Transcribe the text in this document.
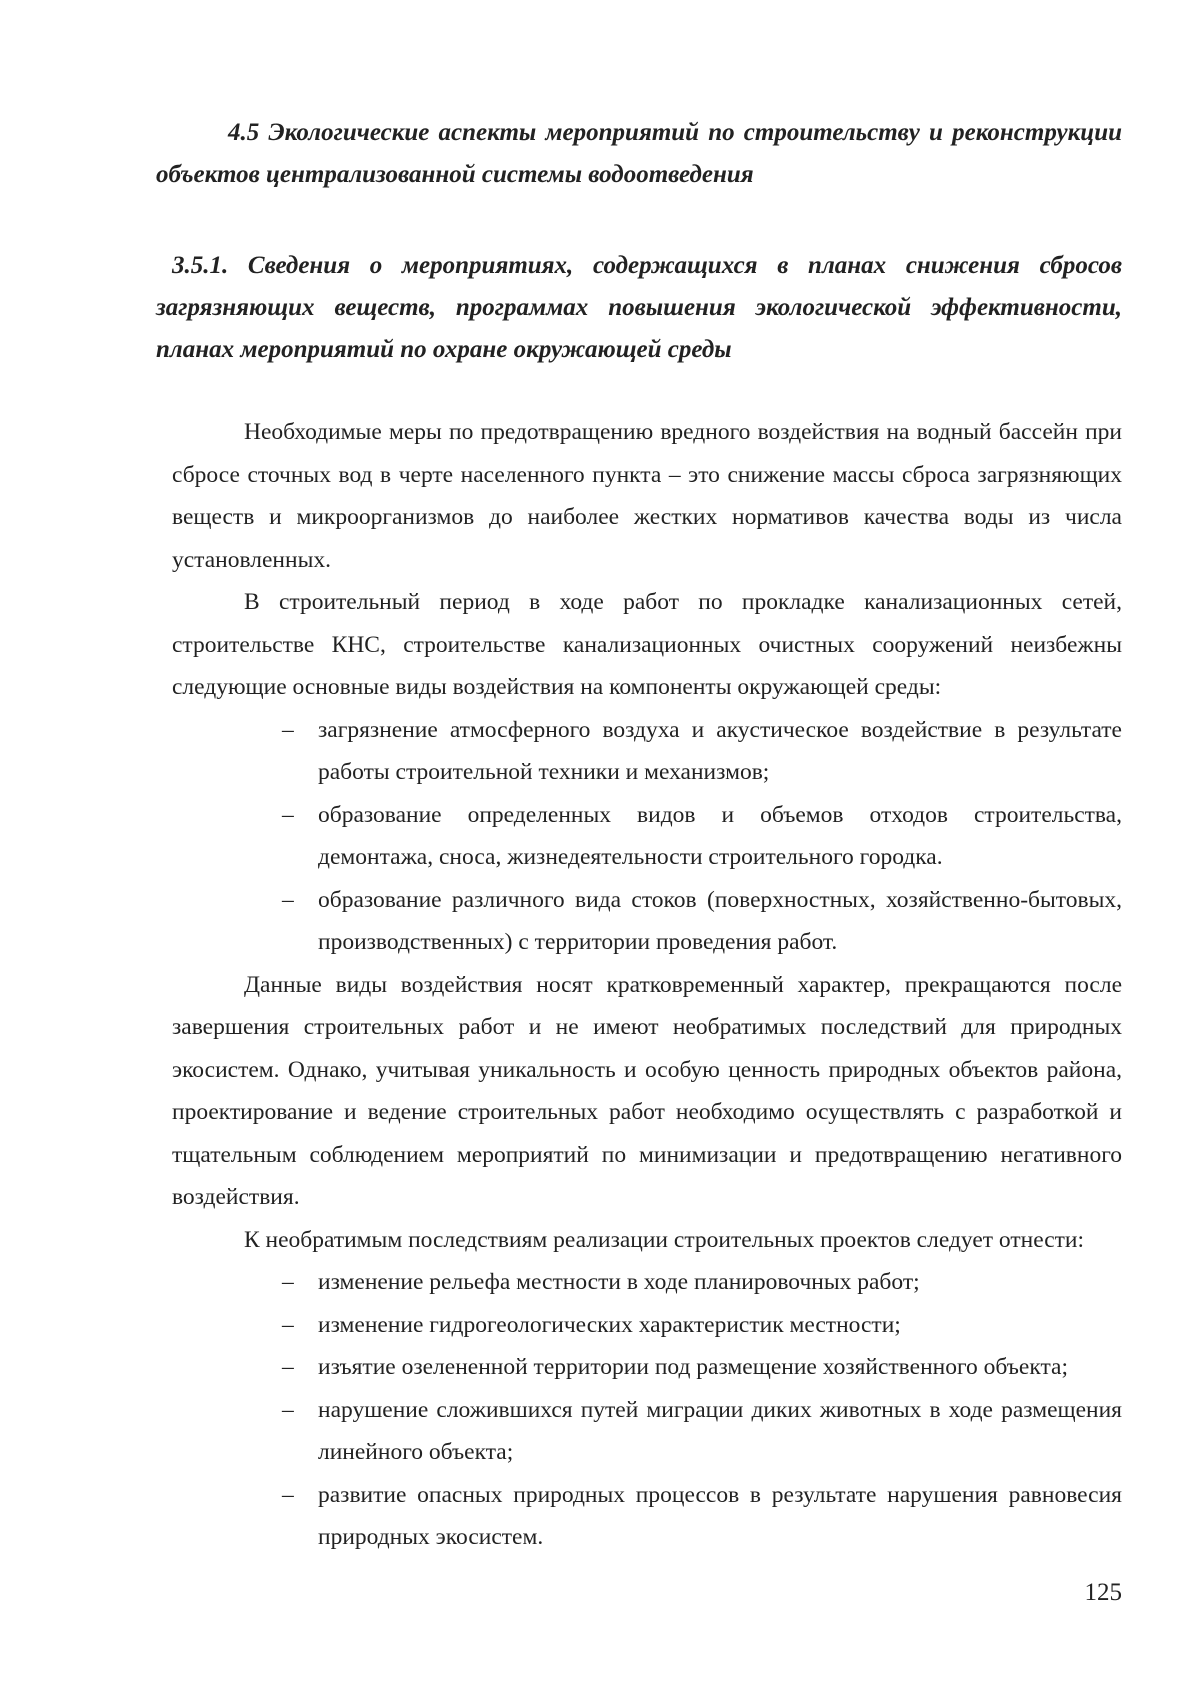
4.5 Экологические аспекты мероприятий по строительству и реконструкции объектов централизованной системы водоотведения
3.5.1. Сведения о мероприятиях, содержащихся в планах снижения сбросов загрязняющих веществ, программах повышения экологической эффективности, планах мероприятий по охране окружающей среды

Необходимые меры по предотвращению вредного воздействия на водный бассейн при сбросе сточных вод в черте населенного пункта – это снижение массы сброса загрязняющих веществ и микроорганизмов до наиболее жестких нормативов качества воды из числа установленных.

В строительный период в ходе работ по прокладке канализационных сетей, строительстве КНС, строительстве канализационных очистных сооружений неизбежны следующие основные виды воздействия на компоненты окружающей среды:

– загрязнение атмосферного воздуха и акустическое воздействие в результате работы строительной техники и механизмов;
– образование определенных видов и объемов отходов строительства, демонтажа, сноса, жизнедеятельности строительного городка.
– образование различного вида стоков (поверхностных, хозяйственно-бытовых, производственных) с территории проведения работ.

Данные виды воздействия носят кратковременный характер, прекращаются после завершения строительных работ и не имеют необратимых последствий для природных экосистем. Однако, учитывая уникальность и особую ценность природных объектов района, проектирование и ведение строительных работ необходимо осуществлять с разработкой и тщательным соблюдением мероприятий по минимизации и предотвращению негативного воздействия.

К необратимым последствиям реализации строительных проектов следует отнести:

– изменение рельефа местности в ходе планировочных работ;
– изменение гидрогеологических характеристик местности;
– изъятие озелененной территории под размещение хозяйственного объекта;
– нарушение сложившихся путей миграции диких животных в ходе размещения линейного объекта;
– развитие опасных природных процессов в результате нарушения равновесия природных экосистем.
125
